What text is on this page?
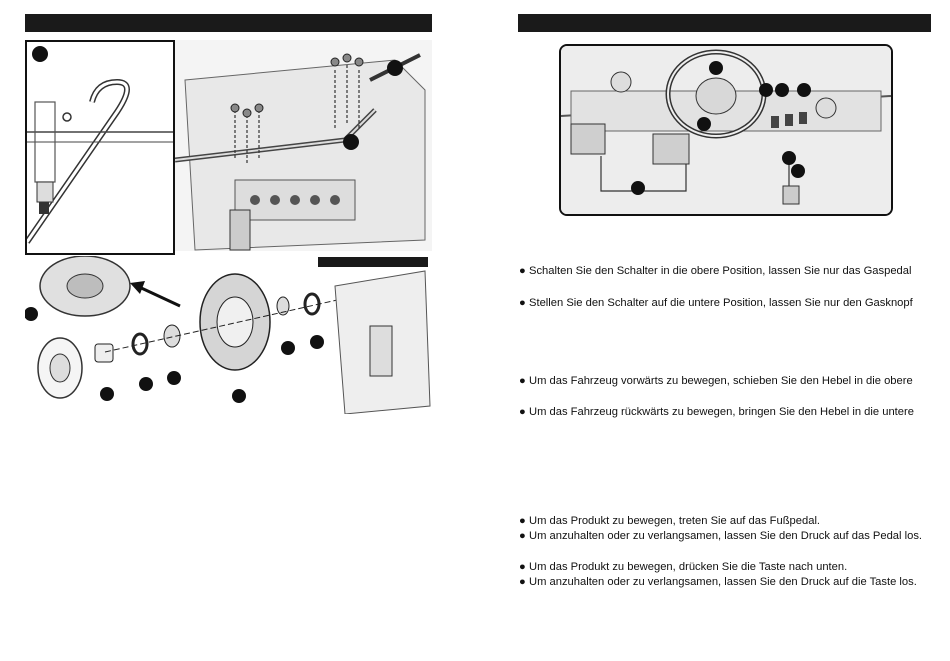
● Schalten Sie den Schalter in die obere Position, lassen Sie nur das Gaspedal
● Stellen Sie den Schalter auf die untere Position, lassen Sie nur den Gasknopf
● Um das Fahrzeug vorwärts zu bewegen, schieben Sie den Hebel in die obere
● Um das Fahrzeug rückwärts zu bewegen, bringen Sie den Hebel in die untere
● Um das Produkt zu bewegen, treten Sie auf das Fußpedal.
● Um anzuhalten oder zu verlangsamen, lassen Sie den Druck auf das Pedal los.
● Um das Produkt zu bewegen, drücken Sie die Taste nach unten.
● Um anzuhalten oder zu verlangsamen, lassen Sie den Druck auf die Taste los.
